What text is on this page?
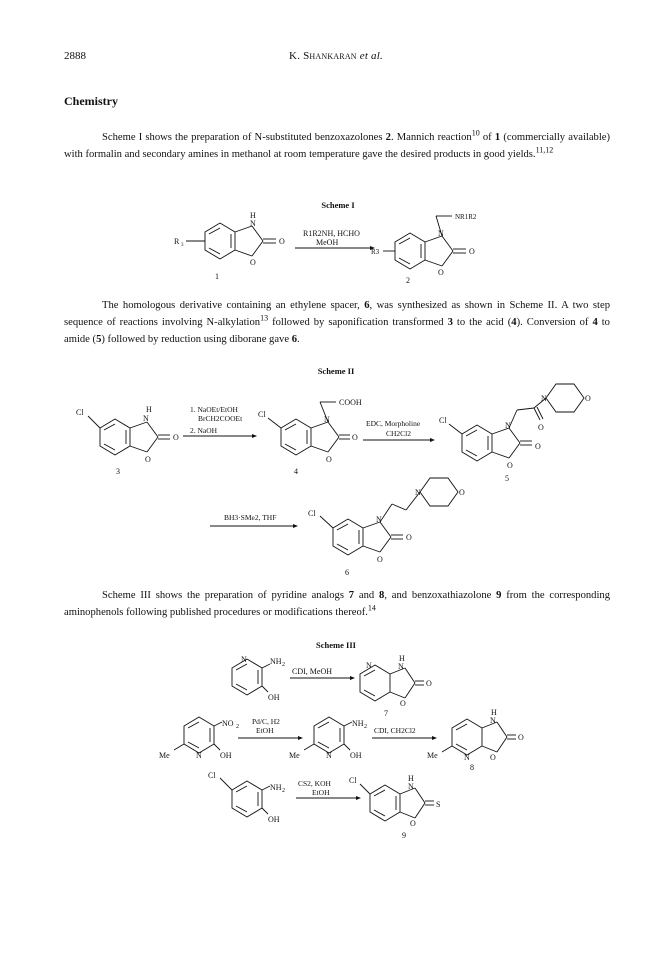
2888	K. Shankaran et al.
Chemistry

Scheme I shows the preparation of N-substituted benzoxazolones 2. Mannich reaction$^{10}$ of 1 (commercially available) with formalin and secondary amines in methanol at room temperature gave the desired products in good yields.$^{11,12}$

Scheme I
H
N
O
O
R 3
1
R1R2NH, HCHO
MeOH
N
O
O
NR1R2
R3
2

The homologous derivative containing an ethylene spacer, 6, was synthesized as shown in Scheme II. A two step sequence of reactions involving N-alkylation$^{13}$ followed by saponification transformed 3 to the acid (4). Conversion of 4 to amide (5) followed by reduction using diborane gave 6.

Scheme II
Cl	H
N
O
O
3
1. NaOEt/EtOH
BrCH2COOEt
2. NaOH
Cl
COOH
N
O
O
4
EDC, Morpholine
CH2Cl2
Cl
N
O
O
O
N	O
5
BH3·SMe2, THF	Cl
N
O
O
N	O
6

Scheme III shows the preparation of pyridine analogs 7 and 8, and benzoxathiazolone 9 from the corresponding aminophenols following published procedures or modifications thereof.$^{14}$

Scheme III
N	NH 2
OH
CDI, MeOH
N
H
N
O
O
7
NO 2
N OH
Me
Pd/C, H2
EtOH
NH 2
N OH
Me
CDI, CH2Cl2
H
N
O
N	O
Me
8
Cl
NH 2
OH
CS2, KOH
EtOH
Cl	H
N
S
O
9
